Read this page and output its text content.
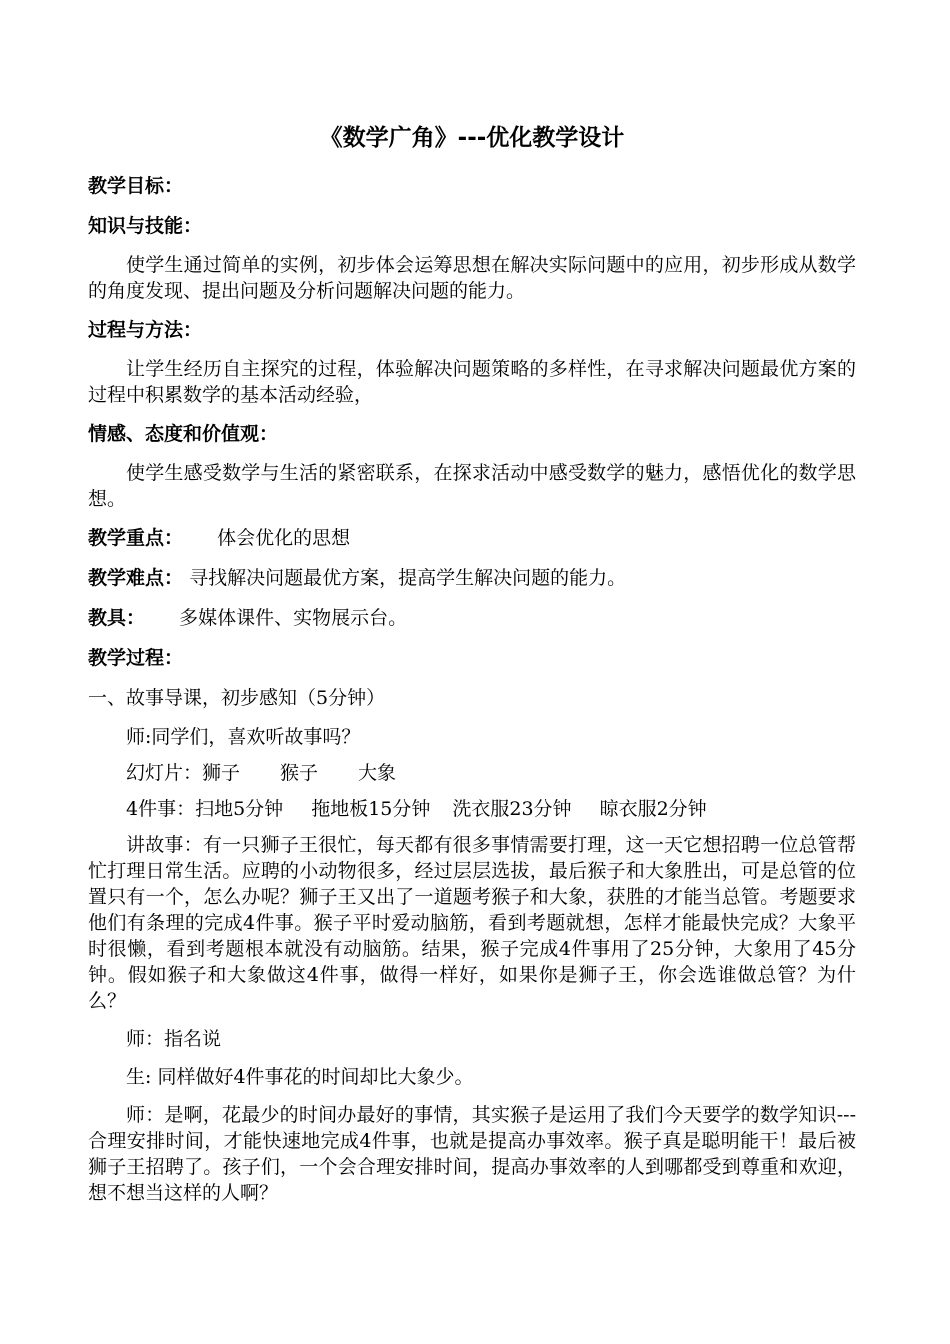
《数学广角》---优化教学设计
教学目标：
知识与技能：

使学生通过简单的实例，初步体会运筹思想在解决实际问题中的应用，初步形成从数学的角度发现、提出问题及分析问题解决问题的能力。

过程与方法：

让学生经历自主探究的过程，体验解决问题策略的多样性，在寻求解决问题最优方案的过程中积累数学的基本活动经验，

情感、态度和价值观：

使学生感受数学与生活的紧密联系，在探求活动中感受数学的魅力，感悟优化的数学思想。

教学重点： 体会优化的思想
教学难点： 寻找解决问题最优方案，提高学生解决问题的能力。
教具： 多媒体课件、实物展示台。
教学过程：
一、故事导课，初步感知（5分钟）

师:同学们，喜欢听故事吗？

幻灯片：狮子 猴子 大象

4件事：扫地5分钟 拖地板15分钟 洗衣服23分钟 晾衣服2分钟

讲故事：有一只狮子王很忙，每天都有很多事情需要打理，这一天它想招聘一位总管帮忙打理日常生活。应聘的小动物很多，经过层层选拔，最后猴子和大象胜出，可是总管的位置只有一个，怎么办呢？狮子王又出了一道题考猴子和大象，获胜的才能当总管。考题要求他们有条理的完成4件事。猴子平时爱动脑筋，看到考题就想，怎样才能最快完成？大象平时很懒，看到考题根本就没有动脑筋。结果，猴子完成4件事用了25分钟，大象用了45分钟。假如猴子和大象做这4件事，做得一样好，如果你是狮子王，你会选谁做总管？为什么？

师：指名说

生: 同样做好4件事花的时间却比大象少。

师：是啊，花最少的时间办最好的事情，其实猴子是运用了我们今天要学的数学知识---合理安排时间，才能快速地完成4件事，也就是提高办事效率。猴子真是聪明能干！最后被狮子王招聘了。孩子们，一个会合理安排时间，提高办事效率的人到哪都受到尊重和欢迎，想不想当这样的人啊？
